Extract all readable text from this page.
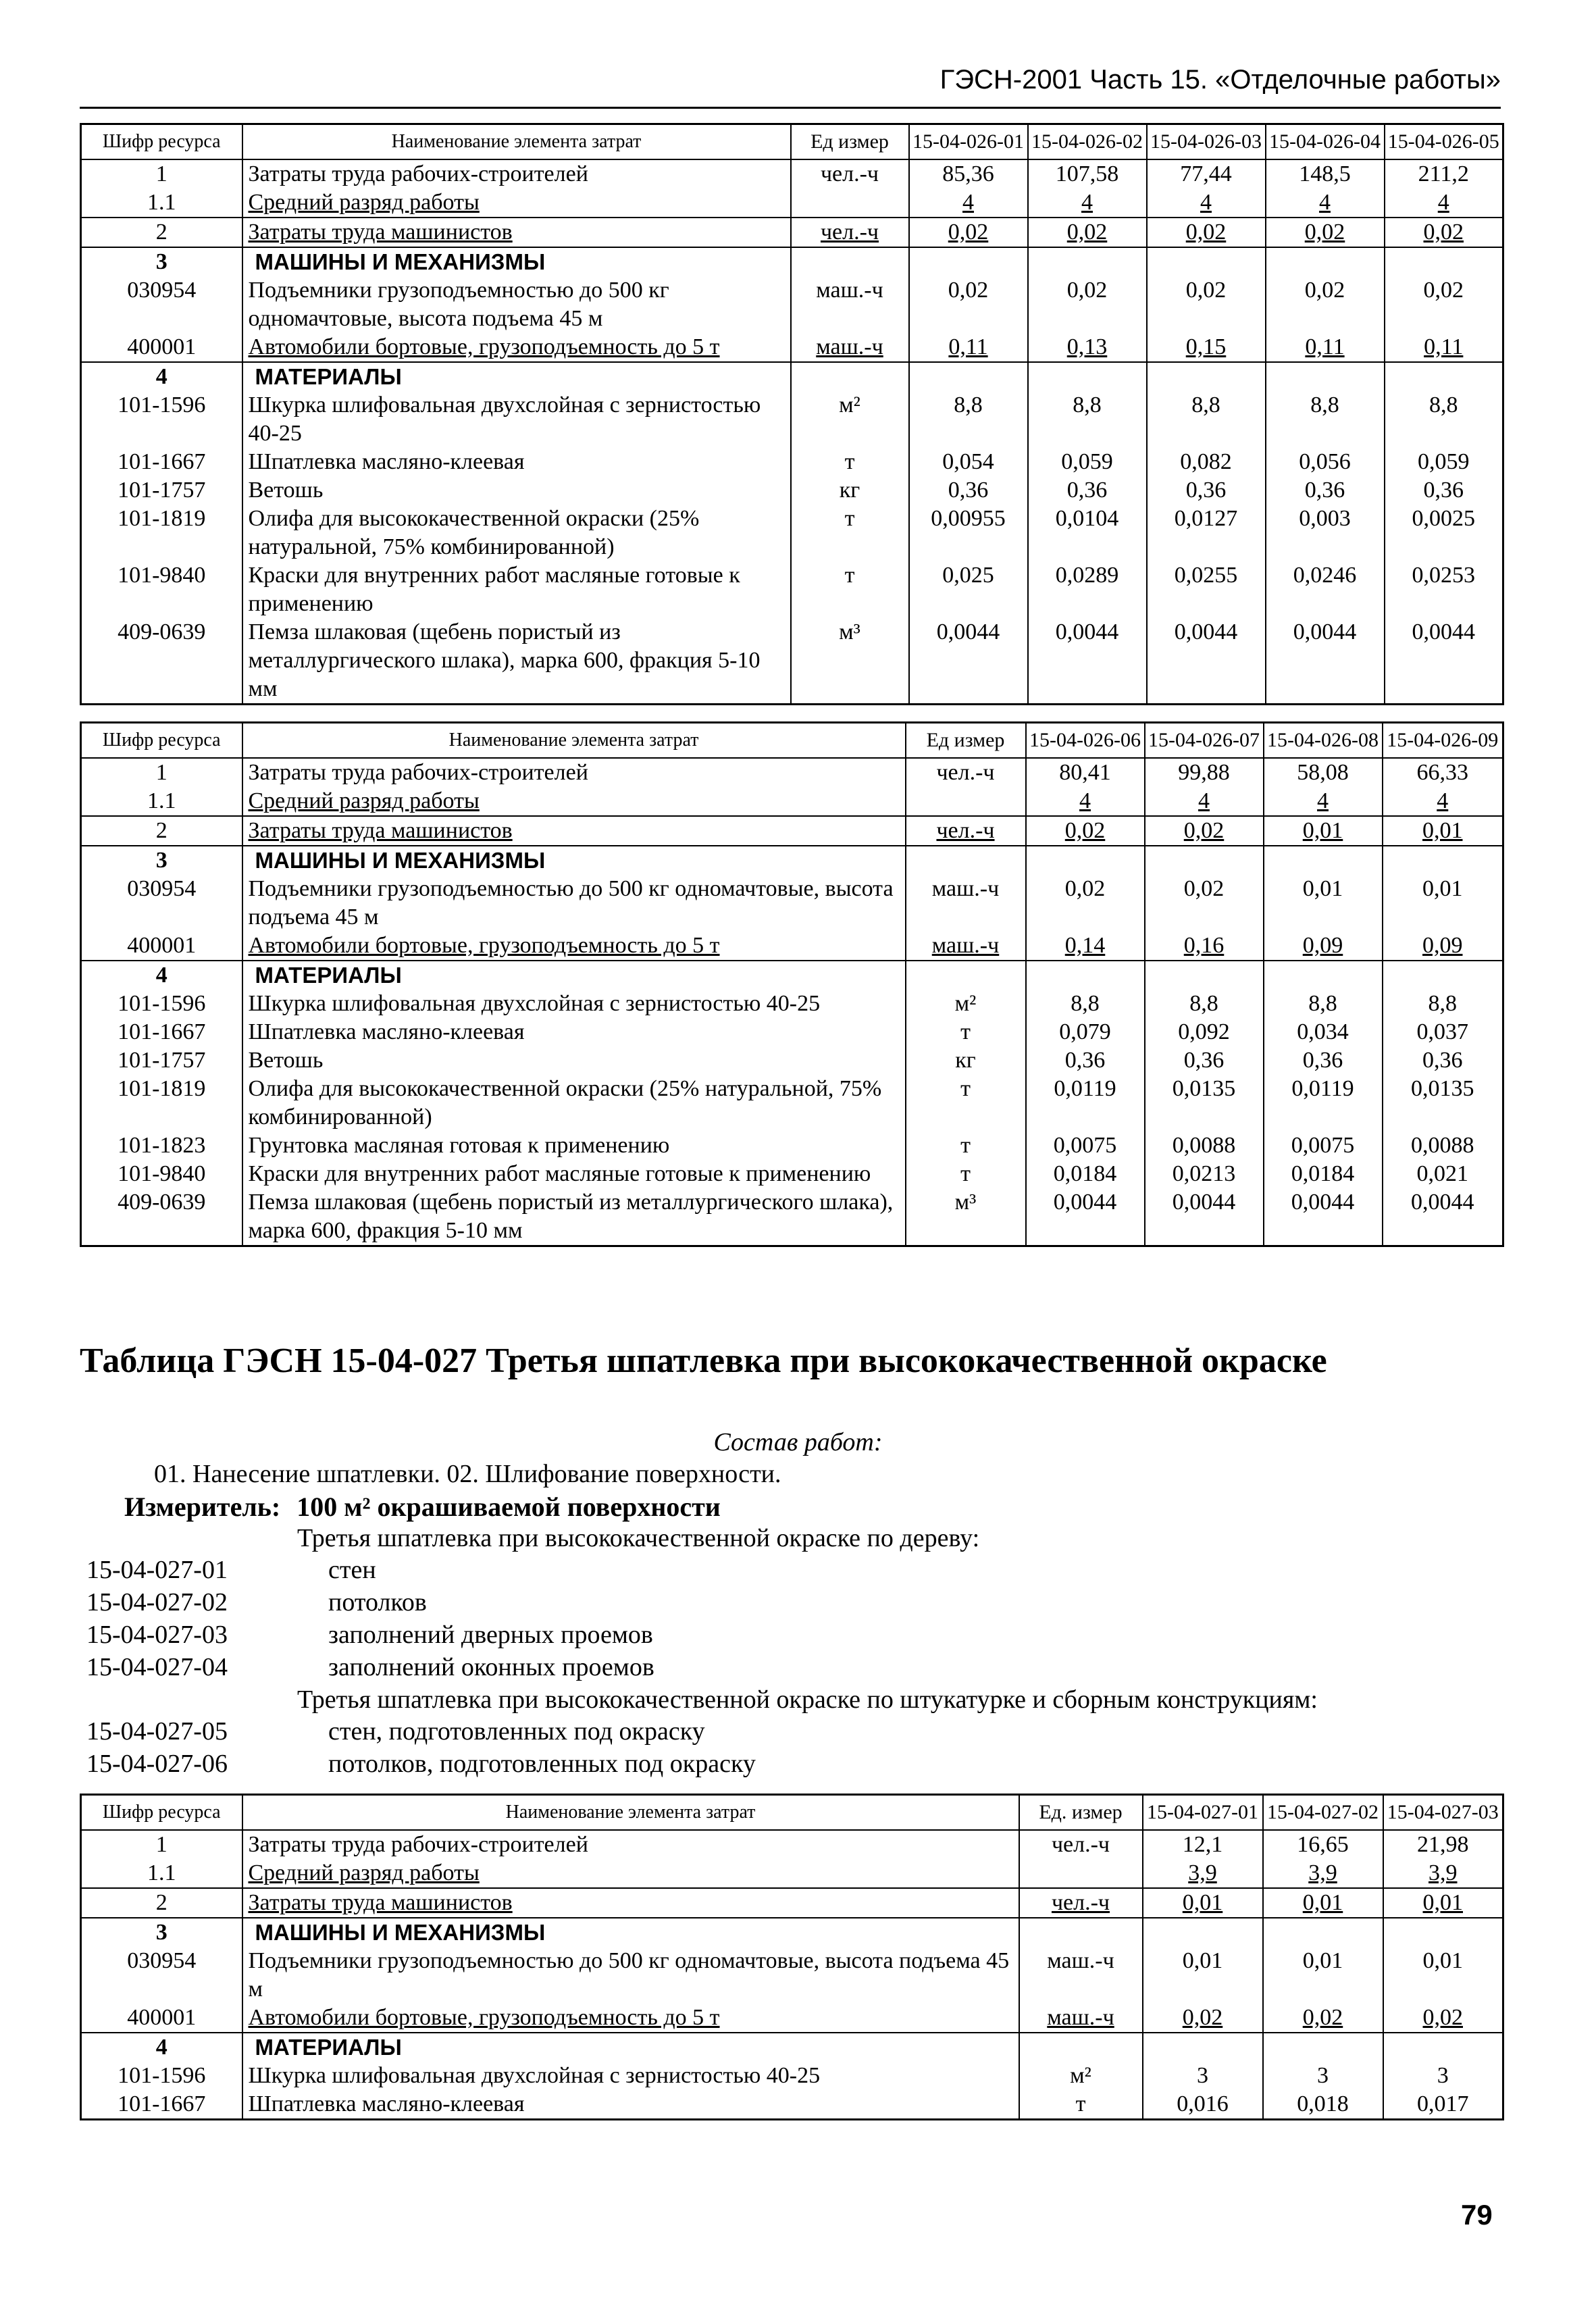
ГЭСН-2001 Часть 15. «Отделочные работы»
Шифр ресурса	Наименование элемента затрат	Ед измер	15-04-026-01	15-04-026-02	15-04-026-03	15-04-026-04	15-04-026-05
1	Затраты труда рабочих-строителей	чел.-ч	85,36	107,58	77,44	148,5	211,2
1.1	Средний разряд работы		4	4	4	4	4
2	Затраты труда машинистов	чел.-ч	0,02	0,02	0,02	0,02	0,02
3	МАШИНЫ И МЕХАНИЗМЫ						
030954	Подъемники грузоподъемностью до 500 кг одномачтовые, высота подъема 45 м	маш.-ч	0,02	0,02	0,02	0,02	0,02
400001	Автомобили бортовые, грузоподъемность до 5 т	маш.-ч	0,11	0,13	0,15	0,11	0,11
4	МАТЕРИАЛЫ						
101-1596	Шкурка шлифовальная двухслойная с зернистостью 40-25	м²	8,8	8,8	8,8	8,8	8,8
101-1667	Шпатлевка масляно-клеевая	т	0,054	0,059	0,082	0,056	0,059
101-1757	Ветошь	кг	0,36	0,36	0,36	0,36	0,36
101-1819	Олифа для высококачественной окраски (25% натуральной, 75% комбинированной)	т	0,00955	0,0104	0,0127	0,003	0,0025
101-9840	Краски для внутренних работ масляные готовые к применению	т	0,025	0,0289	0,0255	0,0246	0,0253
409-0639	Пемза шлаковая (щебень пористый из металлургического шлака), марка 600, фракция 5-10 мм	м³	0,0044	0,0044	0,0044	0,0044	0,0044
Шифр ресурса	Наименование элемента затрат	Ед измер	15-04-026-06	15-04-026-07	15-04-026-08	15-04-026-09
1	Затраты труда рабочих-строителей	чел.-ч	80,41	99,88	58,08	66,33
1.1	Средний разряд работы		4	4	4	4
2	Затраты труда машинистов	чел.-ч	0,02	0,02	0,01	0,01
3	МАШИНЫ И МЕХАНИЗМЫ					
030954	Подъемники грузоподъемностью до 500 кг одномачтовые, высота подъема 45 м	маш.-ч	0,02	0,02	0,01	0,01
400001	Автомобили бортовые, грузоподъемность до 5 т	маш.-ч	0,14	0,16	0,09	0,09
4	МАТЕРИАЛЫ					
101-1596	Шкурка шлифовальная двухслойная с зернистостью 40-25	м²	8,8	8,8	8,8	8,8
101-1667	Шпатлевка масляно-клеевая	т	0,079	0,092	0,034	0,037
101-1757	Ветошь	кг	0,36	0,36	0,36	0,36
101-1819	Олифа для высококачественной окраски (25% натуральной, 75% комбинированной)	т	0,0119	0,0135	0,0119	0,0135
101-1823	Грунтовка масляная готовая к применению	т	0,0075	0,0088	0,0075	0,0088
101-9840	Краски для внутренних работ масляные готовые к применению	т	0,0184	0,0213	0,0184	0,021
409-0639	Пемза шлаковая (щебень пористый из металлургического шлака), марка 600, фракция 5-10 мм	м³	0,0044	0,0044	0,0044	0,0044
Таблица ГЭСН 15-04-027 Третья шпатлевка при высококачественной окраске
Состав работ:
01. Нанесение шпатлевки. 02. Шлифование поверхности.
Измеритель: 100 м² окрашиваемой поверхности
Третья шпатлевка при высококачественной окраске по дереву:
15-04-027-01	стен
15-04-027-02	потолков
15-04-027-03	заполнений дверных проемов
15-04-027-04	заполнений оконных проемов
Третья шпатлевка при высококачественной окраске по штукатурке и сборным конструкциям:
15-04-027-05	стен, подготовленных под окраску
15-04-027-06	потолков, подготовленных под окраску
Шифр ресурса	Наименование элемента затрат	Ед. измер	15-04-027-01	15-04-027-02	15-04-027-03
1	Затраты труда рабочих-строителей	чел.-ч	12,1	16,65	21,98
1.1	Средний разряд работы		3,9	3,9	3,9
2	Затраты труда машинистов	чел.-ч	0,01	0,01	0,01
3	МАШИНЫ И МЕХАНИЗМЫ				
030954	Подъемники грузоподъемностью до 500 кг одномачтовые, высота подъема 45 м	маш.-ч	0,01	0,01	0,01
400001	Автомобили бортовые, грузоподъемность до 5 т	маш.-ч	0,02	0,02	0,02
4	МАТЕРИАЛЫ				
101-1596	Шкурка шлифовальная двухслойная с зернистостью 40-25	м²	3	3	3
101-1667	Шпатлевка масляно-клеевая	т	0,016	0,018	0,017
79
